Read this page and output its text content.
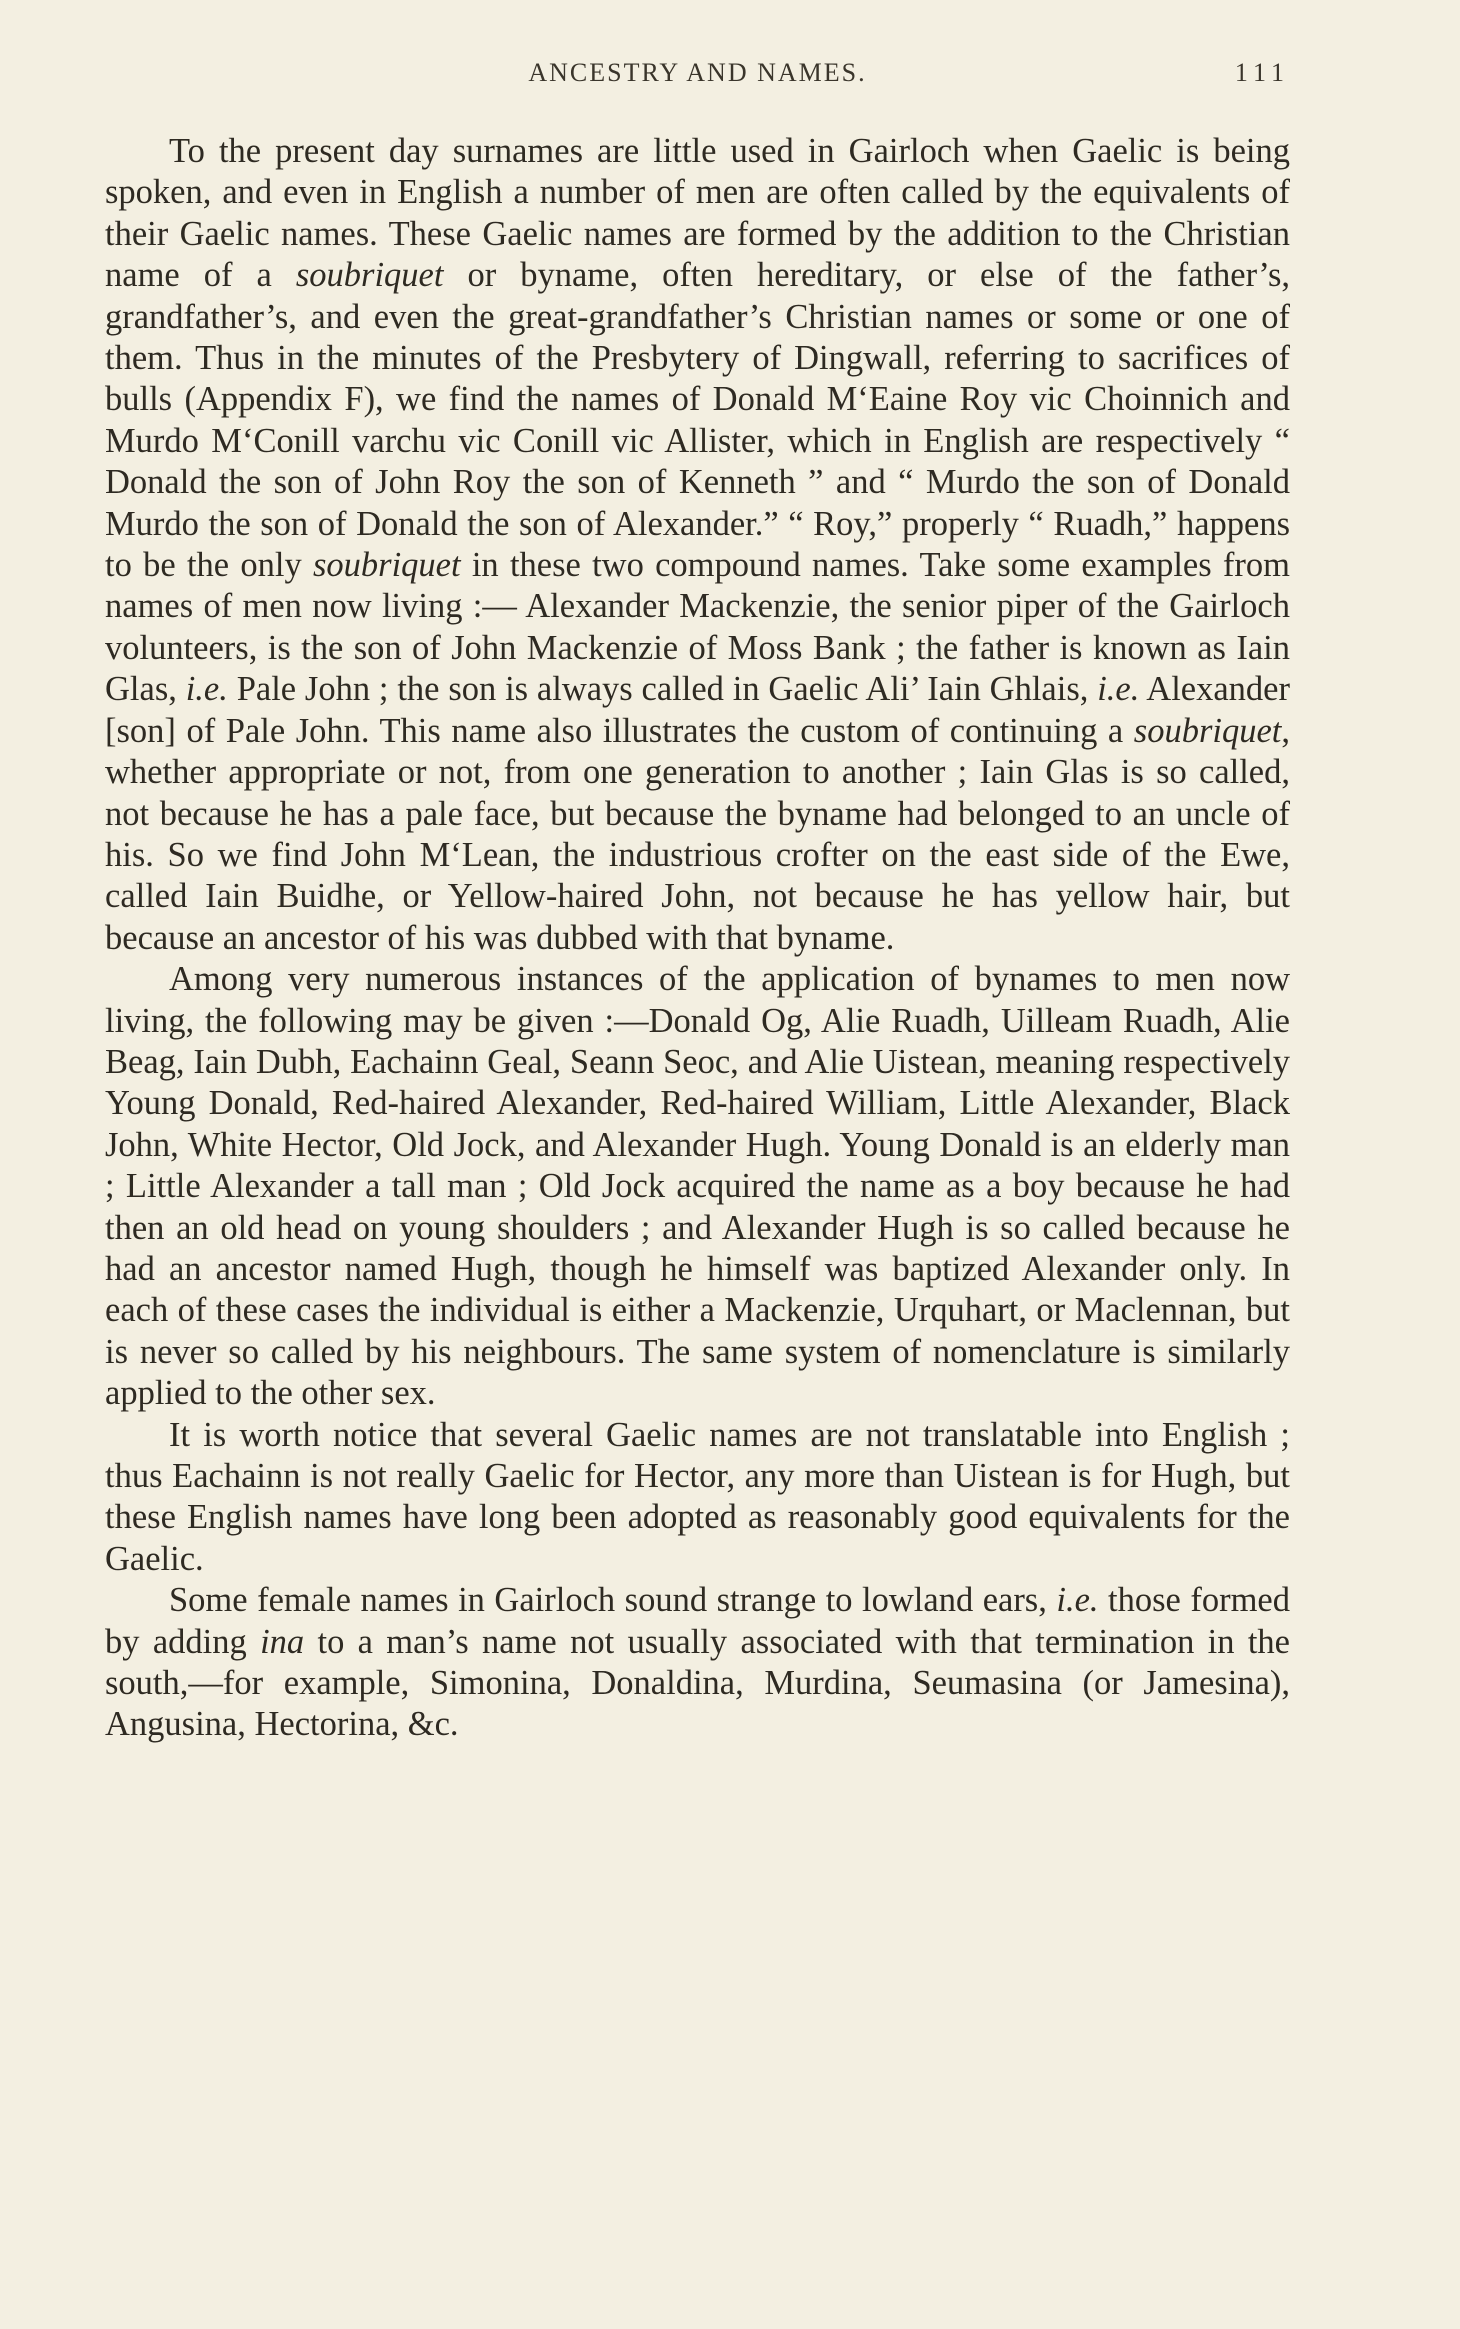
ANCESTRY AND NAMES.	111

To the present day surnames are little used in Gairloch when Gaelic is being spoken, and even in English a number of men are often called by the equivalents of their Gaelic names. These Gaelic names are formed by the addition to the Christian name of a soubriquet or byname, often hereditary, or else of the father’s, grandfather’s, and even the great-grandfather’s Christian names or some or one of them. Thus in the minutes of the Presbytery of Dingwall, referring to sacrifices of bulls (Appendix F), we find the names of Donald M‘Eaine Roy vic Choinnich and Murdo M‘Conill varchu vic Conill vic Allister, which in English are respectively “ Donald the son of John Roy the son of Kenneth ” and “ Murdo the son of Donald Murdo the son of Donald the son of Alexander.” “ Roy,” properly “ Ruadh,” happens to be the only soubriquet in these two compound names. Take some examples from names of men now living :— Alexander Mackenzie, the senior piper of the Gairloch volunteers, is the son of John Mackenzie of Moss Bank ; the father is known as Iain Glas, i.e. Pale John ; the son is always called in Gaelic Ali’ Iain Ghlais, i.e. Alexander [son] of Pale John. This name also illustrates the custom of continuing a soubriquet, whether appropriate or not, from one generation to another ; Iain Glas is so called, not because he has a pale face, but because the byname had belonged to an uncle of his. So we find John M‘Lean, the industrious crofter on the east side of the Ewe, called Iain Buidhe, or Yellow-haired John, not because he has yellow hair, but because an ancestor of his was dubbed with that byname.

Among very numerous instances of the application of bynames to men now living, the following may be given :—Donald Og, Alie Ruadh, Uilleam Ruadh, Alie Beag, Iain Dubh, Eachainn Geal, Seann Seoc, and Alie Uistean, meaning respectively Young Donald, Red-haired Alexander, Red-haired William, Little Alexander, Black John, White Hector, Old Jock, and Alexander Hugh. Young Donald is an elderly man ; Little Alexander a tall man ; Old Jock acquired the name as a boy because he had then an old head on young shoulders ; and Alexander Hugh is so called because he had an ancestor named Hugh, though he himself was baptized Alexander only. In each of these cases the individual is either a Mackenzie, Urquhart, or Maclennan, but is never so called by his neighbours. The same system of nomenclature is similarly applied to the other sex.

It is worth notice that several Gaelic names are not translatable into English ; thus Eachainn is not really Gaelic for Hector, any more than Uistean is for Hugh, but these English names have long been adopted as reasonably good equivalents for the Gaelic.

Some female names in Gairloch sound strange to lowland ears, i.e. those formed by adding ina to a man’s name not usually associated with that termination in the south,—for example, Simonina, Donaldina, Murdina, Seumasina (or Jamesina), Angusina, Hectorina, &c.
